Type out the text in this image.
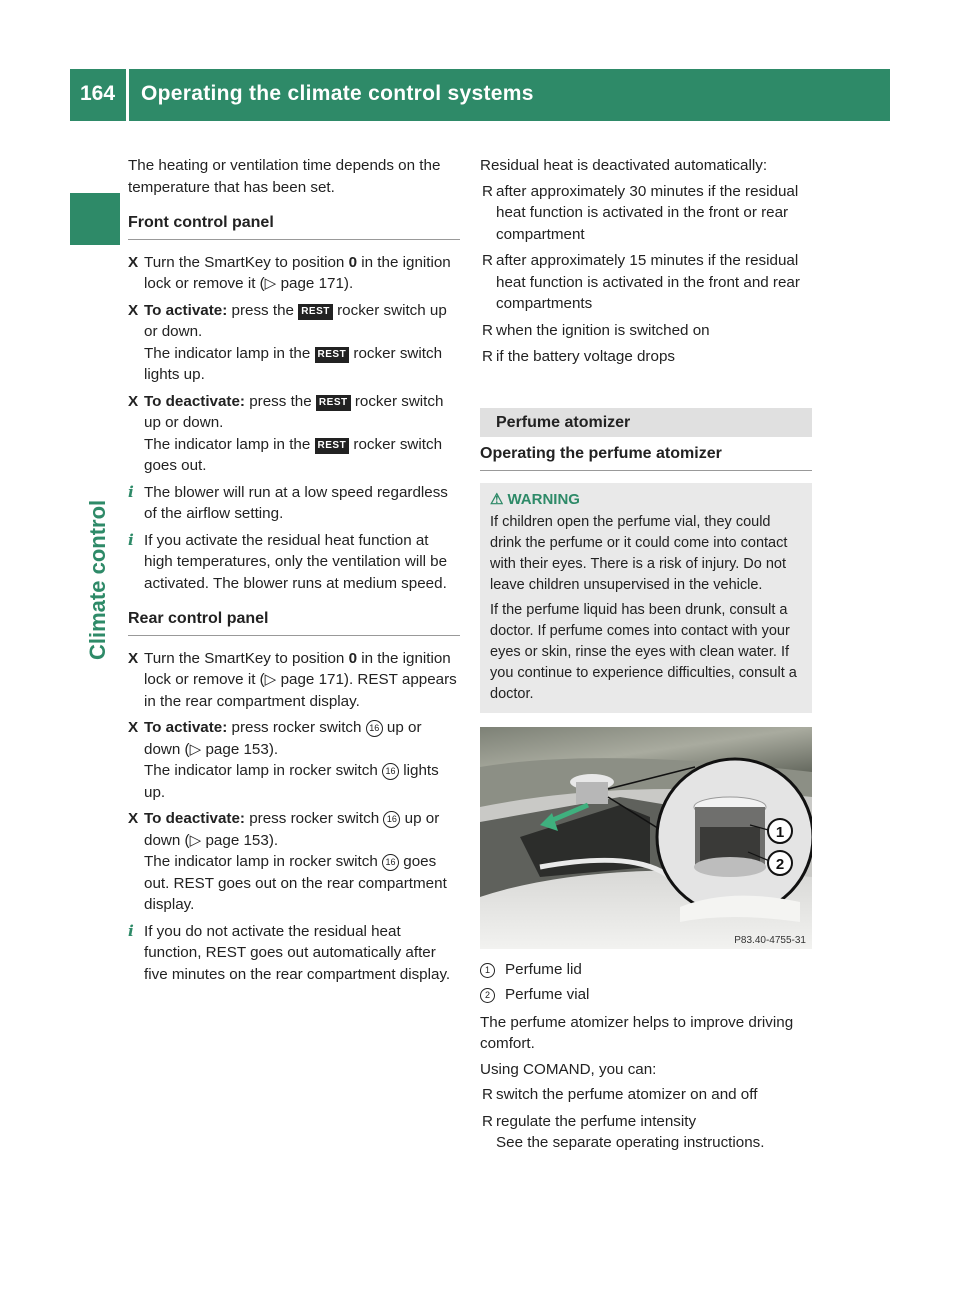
164	Operating the climate control systems
Climate control

The heating or ventilation time depends on the temperature that has been set.

Front control panel
X Turn the SmartKey to position 0 in the ignition lock or remove it (▷ page 171).
X To activate: press the REST rocker switch up or down.
The indicator lamp in the REST rocker switch lights up.
X To deactivate: press the REST rocker switch up or down.
The indicator lamp in the REST rocker switch goes out.
i The blower will run at a low speed regardless of the airflow setting.
i If you activate the residual heat function at high temperatures, only the ventilation will be activated. The blower runs at medium speed.
Rear control panel
X Turn the SmartKey to position 0 in the ignition lock or remove it (▷ page 171). REST appears in the rear compartment display.
X To activate: press rocker switch 16 up or down (▷ page 153).
The indicator lamp in rocker switch 16 lights up.
X To deactivate: press rocker switch 16 up or down (▷ page 153).
The indicator lamp in rocker switch 16 goes out. REST goes out on the rear compartment display.
i If you do not activate the residual heat function, REST goes out automatically after five minutes on the rear compartment display.

Residual heat is deactivated automatically:

R after approximately 30 minutes if the residual heat function is activated in the front or rear compartment
R after approximately 15 minutes if the residual heat function is activated in the front and rear compartments
R when the ignition is switched on
R if the battery voltage drops
Perfume atomizer
Operating the perfume atomizer
⚠ WARNING
If children open the perfume vial, they could drink the perfume or it could come into contact with their eyes. There is a risk of injury. Do not leave children unsupervised in the vehicle.
If the perfume liquid has been drunk, consult a doctor. If perfume comes into contact with your eyes or skin, rinse the eyes with clean water. If you continue to experience difficulties, consult a doctor.
1
2
P83.40-4755-31
1 Perfume lid
2 Perfume vial

The perfume atomizer helps to improve driving comfort.

Using COMAND, you can:

R switch the perfume atomizer on and off
R regulate the perfume intensity
See the separate operating instructions.
